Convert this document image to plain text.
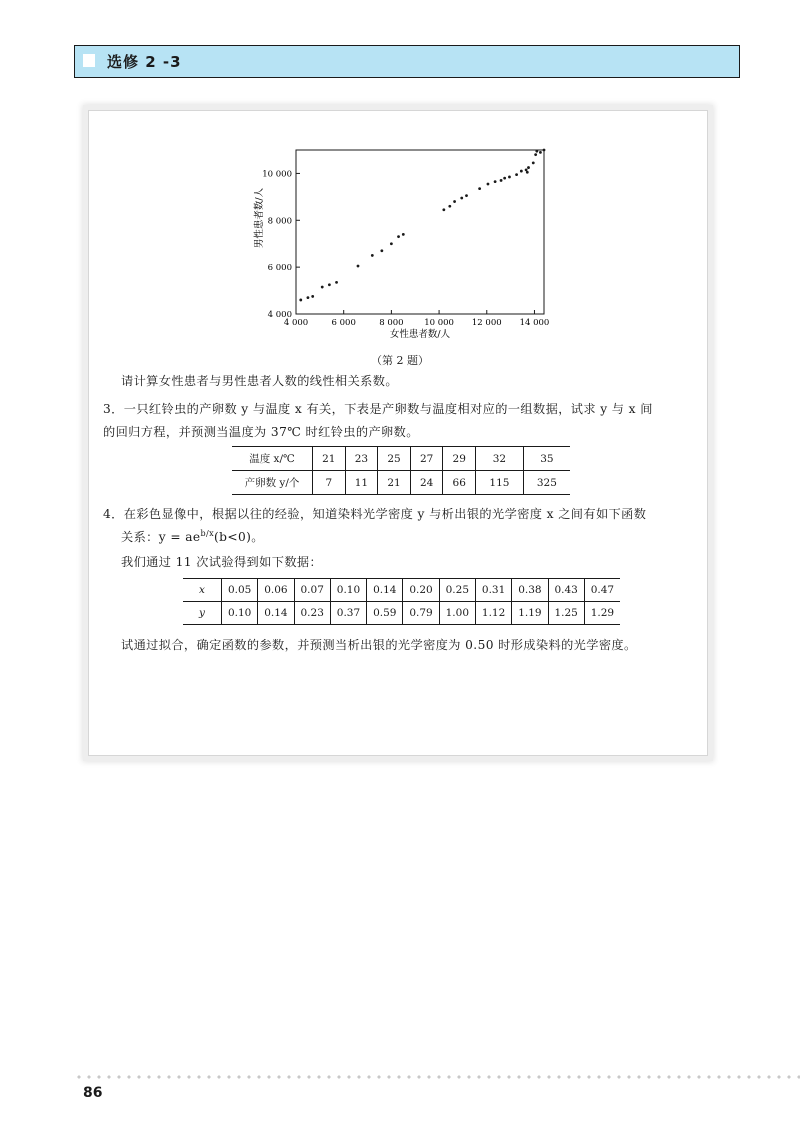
选修 2 -3
4 000	6 000	8 000 10 000 12 000 14 000
4 000
6 000
8 000
10 000
女性患者数/人
男性患者数/人
（第 2 题）
请计算女性患者与男性患者人数的线性相关系数。
3．一只红铃虫的产卵数 y 与温度 x 有关，下表是产卵数与温度相对应的一组数据，试求 y 与 x 间
的回归方程，并预测当温度为 37℃ 时红铃虫的产卵数。
温度 x/℃	21	23	25	27	29	32	35
产卵数 y/个	7	11	21	24	66	115	325
4．在彩色显像中，根据以往的经验，知道染料光学密度 y 与析出银的光学密度 x 之间有如下函数
关系：$y = ae^{b/x}(b<0)$。
我们通过 11 次试验得到如下数据：
x	0.05	0.06	0.07	0.10	0.14	0.20	0.25	0.31	0.38	0.43	0.47
y	0.10	0.14	0.23	0.37	0.59	0.79	1.00	1.12	1.19	1.25	1.29
试通过拟合，确定函数的参数，并预测当析出银的光学密度为 0.50 时形成染料的光学密度。
86
